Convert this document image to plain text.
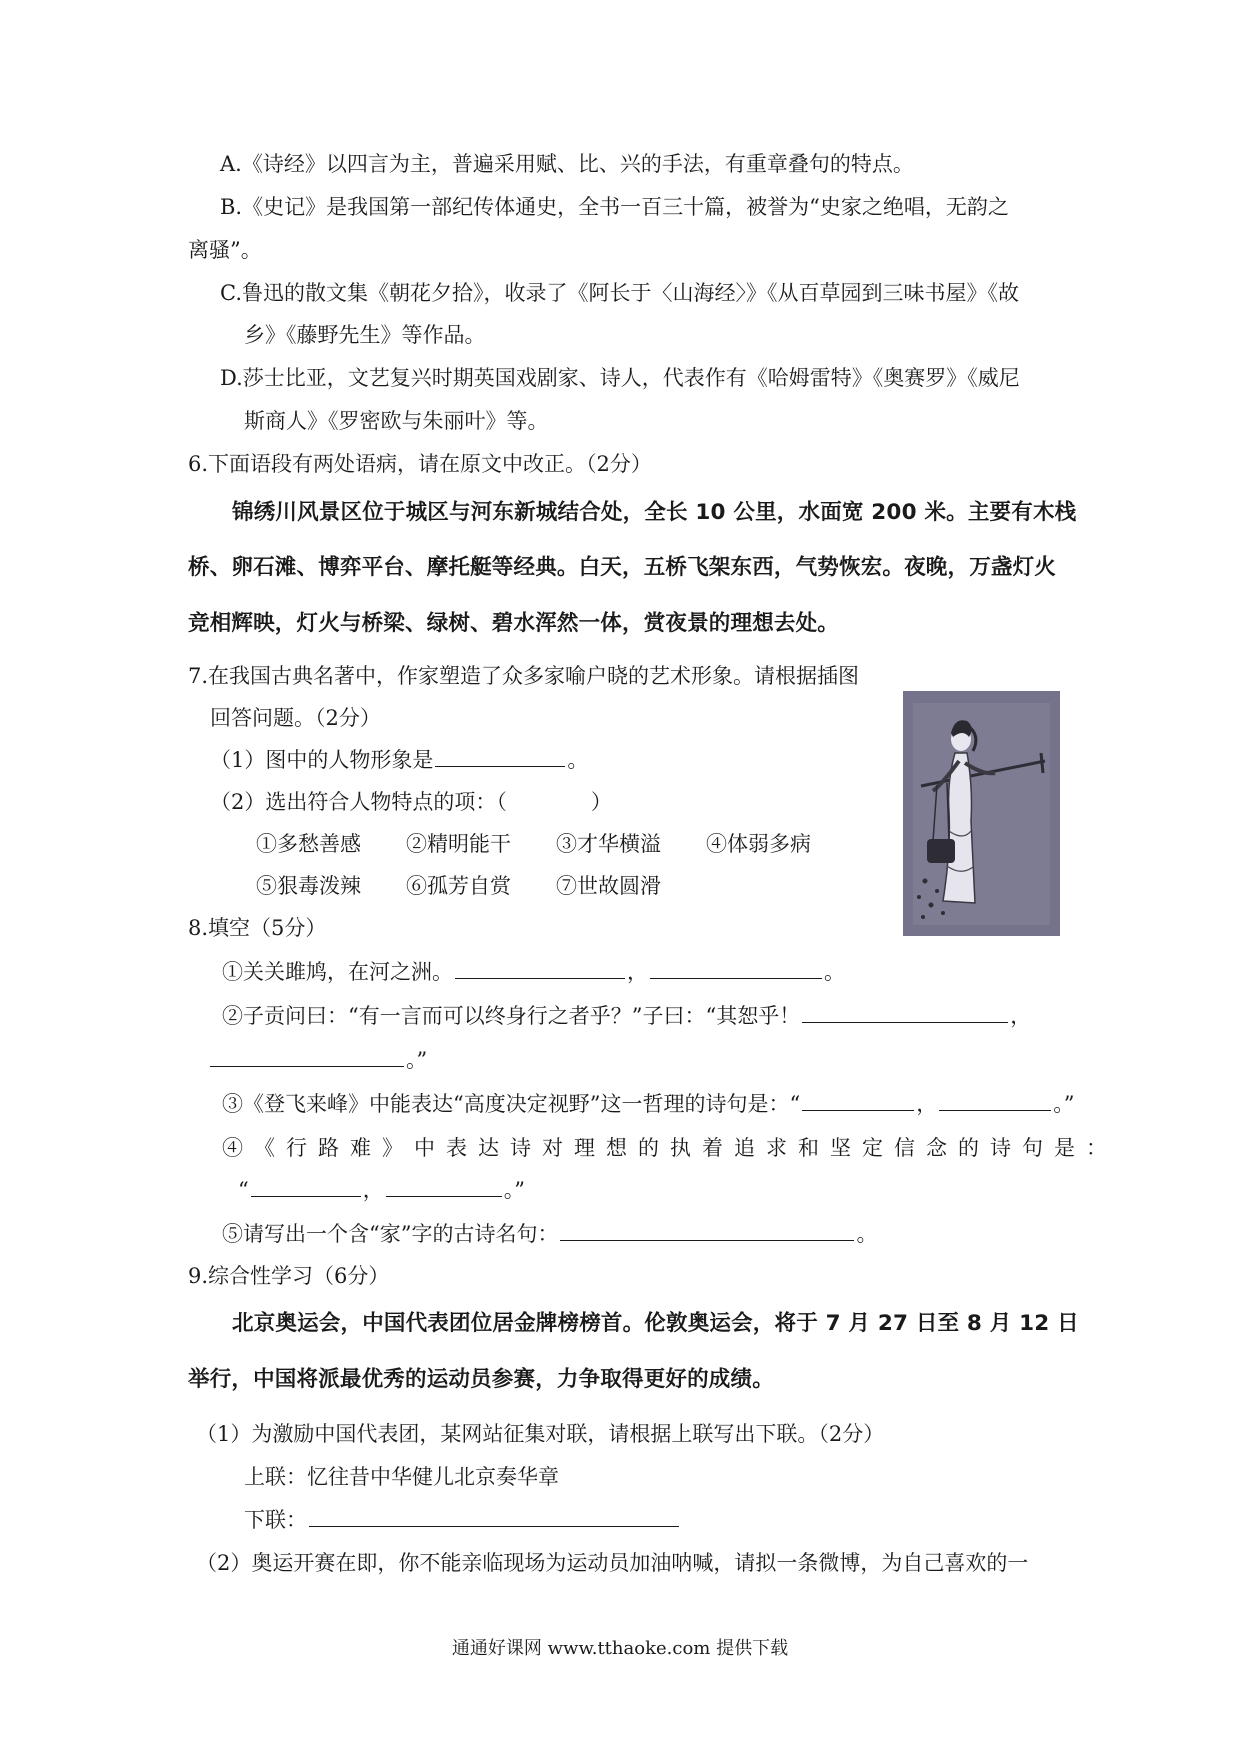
A.《诗经》以四言为主，普遍采用赋、比、兴的手法，有重章叠句的特点。
B.《史记》是我国第一部纪传体通史，全书一百三十篇，被誉为“史家之绝唱，无韵之
离骚”。
C.鲁迅的散文集《朝花夕拾》，收录了《阿长于〈山海经〉》《从百草园到三味书屋》《故
乡》《藤野先生》等作品。
D.莎士比亚，文艺复兴时期英国戏剧家、诗人，代表作有《哈姆雷特》《奥赛罗》《威尼
斯商人》《罗密欧与朱丽叶》等。
6.下面语段有两处语病，请在原文中改正。（2分）
锦绣川风景区位于城区与河东新城结合处，全长 10 公里，水面宽 200 米。主要有木栈
桥、卵石滩、博弈平台、摩托艇等经典。白天，五桥飞架东西，气势恢宏。夜晚，万盏灯火
竞相辉映，灯火与桥梁、绿树、碧水浑然一体，赏夜景的理想去处。
7.在我国古典名著中，作家塑造了众多家喻户晓的艺术形象。请根据插图
回答问题。（2分）
（1）图中的人物形象是	。
（2）选出符合人物特点的项：（　　　　）
①多愁善感 ②精明能干 ③才华横溢 ④体弱多病
⑤狠毒泼辣 ⑥孤芳自赏 ⑦世故圆滑
8.填空（5分）
①关关雎鸠，在河之洲。	，	。
②子贡问曰：“有一言而可以终身行之者乎？”子曰：“其恕乎！	，
。”
③《登飞来峰》中能表达“高度决定视野”这一哲理的诗句是：“	，	。”
④《行路难》中表达诗对理想的执着追求和坚定信念的诗句是：
“	，	。”
⑤请写出一个含“家”字的古诗名句：	。
9.综合性学习（6分）
北京奥运会，中国代表团位居金牌榜榜首。伦敦奥运会，将于 7 月 27 日至 8 月 12 日
举行，中国将派最优秀的运动员参赛，力争取得更好的成绩。
（1）为激励中国代表团，某网站征集对联，请根据上联写出下联。（2分）
上联：忆往昔中华健儿北京奏华章
下联：
（2）奥运开赛在即，你不能亲临现场为运动员加油呐喊，请拟一条微博，为自己喜欢的一
通通好课网 www.tthaoke.com 提供下载
